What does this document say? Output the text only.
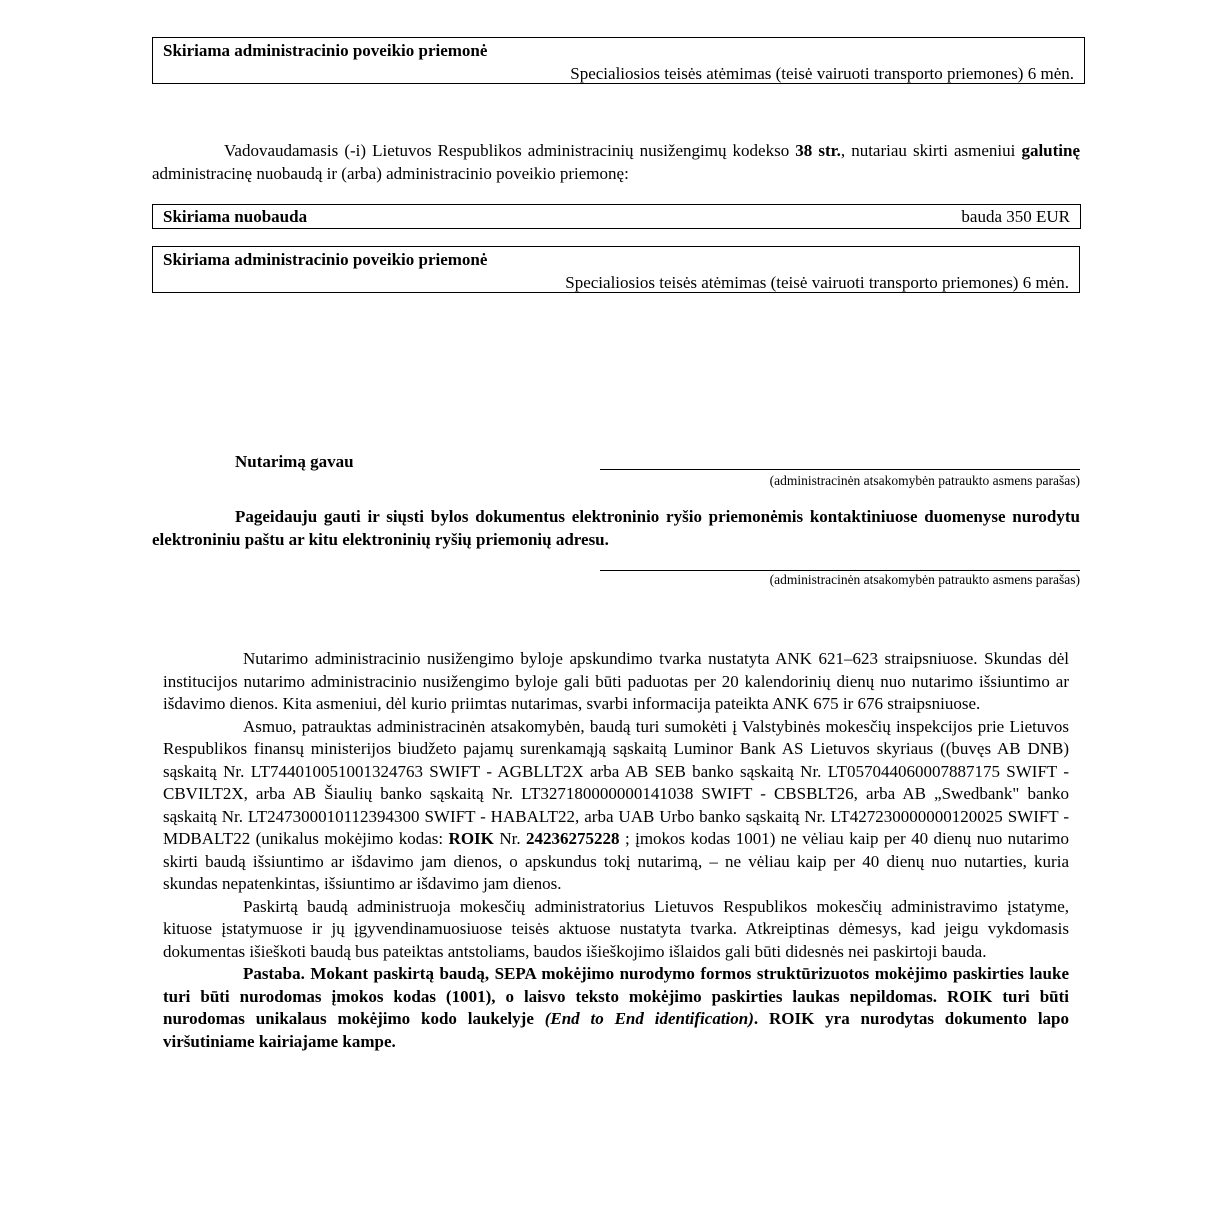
Skiriama administracinio poveikio priemonė
Specialiosios teisės atėmimas (teisė vairuoti transporto priemones) 6 mėn.
Vadovaudamasis (-i) Lietuvos Respublikos administracinių nusižengimų kodekso 38 str., nutariau skirti asmeniui galutinę administracinę nuobaudą ir (arba) administracinio poveikio priemonę:
Skiriama nuobauda	bauda 350 EUR
Skiriama administracinio poveikio priemonė
Specialiosios teisės atėmimas (teisė vairuoti transporto priemones) 6 mėn.
Nutarimą gavau
(administracinėn atsakomybėn patraukto asmens parašas)
Pageidauju gauti ir siųsti bylos dokumentus elektroninio ryšio priemonėmis kontaktiniuose duomenyse nurodytu elektroniniu paštu ar kitu elektroninių ryšių priemonių adresu.
(administracinėn atsakomybėn patraukto asmens parašas)

Nutarimo administracinio nusižengimo byloje apskundimo tvarka nustatyta ANK 621–623 straipsniuose. Skundas dėl institucijos nutarimo administracinio nusižengimo byloje gali būti paduotas per 20 kalendorinių dienų nuo nutarimo išsiuntimo ar išdavimo dienos. Kita asmeniui, dėl kurio priimtas nutarimas, svarbi informacija pateikta ANK 675 ir 676 straipsniuose.

Asmuo, patrauktas administracinėn atsakomybėn, baudą turi sumokėti į Valstybinės mokesčių inspekcijos prie Lietuvos Respublikos finansų ministerijos biudžeto pajamų surenkamąją sąskaitą Luminor Bank AS Lietuvos skyriaus ((buvęs AB DNB) sąskaitą Nr. LT744010051001324763 SWIFT - AGBLLT2X arba AB SEB banko sąskaitą Nr. LT057044060007887175 SWIFT - CBVILT2X, arba AB Šiaulių banko sąskaitą Nr. LT327180000000141038 SWIFT - CBSBLT26, arba AB „Swedbank" banko sąskaitą Nr. LT247300010112394300 SWIFT - HABALT22, arba UAB Urbo banko sąskaitą Nr. LT427230000000120025 SWIFT - MDBALT22 (unikalus mokėjimo kodas: ROIK Nr. 24236275228 ; įmokos kodas 1001) ne vėliau kaip per 40 dienų nuo nutarimo skirti baudą išsiuntimo ar išdavimo jam dienos, o apskundus tokį nutarimą, – ne vėliau kaip per 40 dienų nuo nutarties, kuria skundas nepatenkintas, išsiuntimo ar išdavimo jam dienos.

Paskirtą baudą administruoja mokesčių administratorius Lietuvos Respublikos mokesčių administravimo įstatyme, kituose įstatymuose ir jų įgyvendinamuosiuose teisės aktuose nustatyta tvarka. Atkreiptinas dėmesys, kad jeigu vykdomasis dokumentas išieškoti baudą bus pateiktas antstoliams, baudos išieškojimo išlaidos gali būti didesnės nei paskirtoji bauda.

Pastaba. Mokant paskirtą baudą, SEPA mokėjimo nurodymo formos struktūrizuotos mokėjimo paskirties lauke turi būti nurodomas įmokos kodas (1001), o laisvo teksto mokėjimo paskirties laukas nepildomas. ROIK turi būti nurodomas unikalaus mokėjimo kodo laukelyje (End to End identification). ROIK yra nurodytas dokumento lapo viršutiniame kairiajame kampe.
